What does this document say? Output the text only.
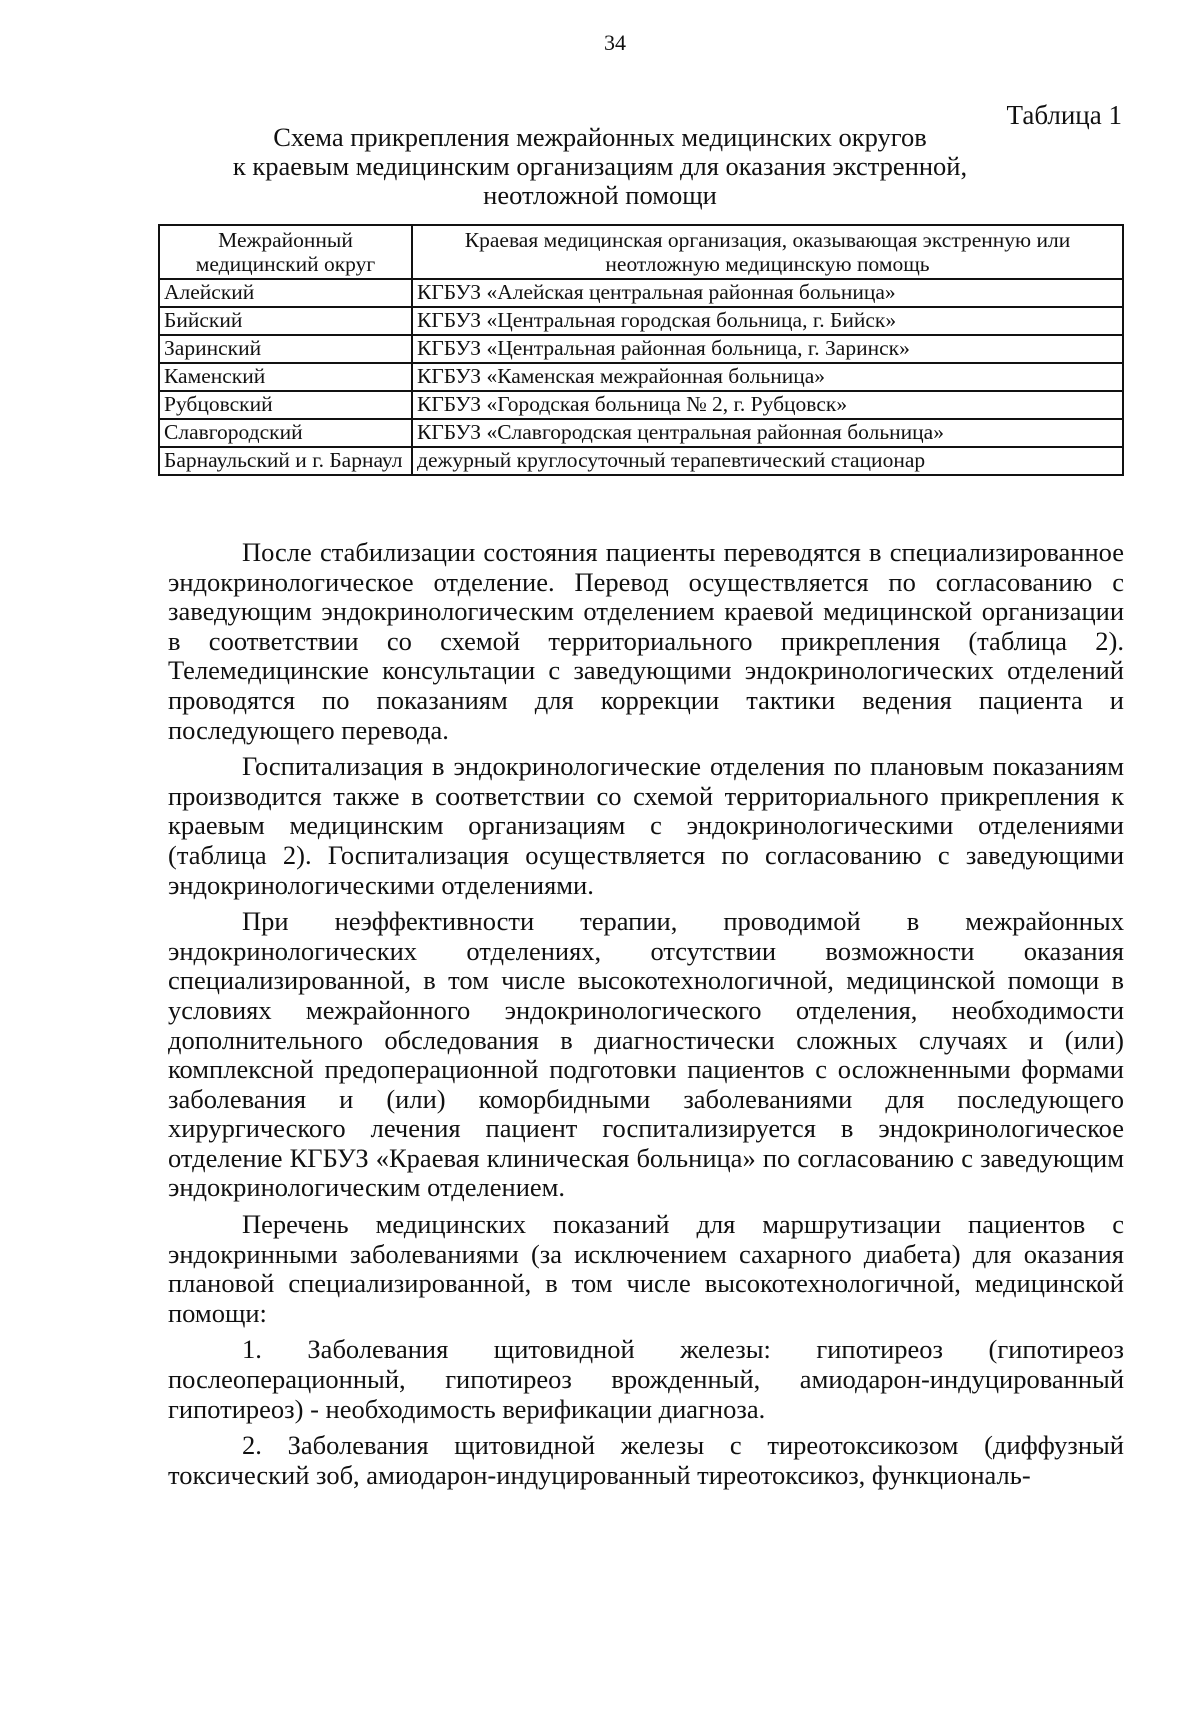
34
Таблица 1
Схема прикрепления межрайонных медицинских округов
к краевым медицинским организациям для оказания экстренной,
неотложной помощи
Межрайонный медицинский округ	Краевая медицинская организация, оказывающая экстренную или неотложную медицинскую помощь
Алейский	КГБУЗ «Алейская центральная районная больница»
Бийский	КГБУЗ «Центральная городская больница, г. Бийск»
Заринский	КГБУЗ «Центральная районная больница, г. Заринск»
Каменский	КГБУЗ «Каменская межрайонная больница»
Рубцовский	КГБУЗ «Городская больница № 2, г. Рубцовск»
Славгородский	КГБУЗ «Славгородская центральная районная больница»
Барнаульский и г. Барнаул	дежурный круглосуточный терапевтический стационар

После стабилизации состояния пациенты переводятся в специализированное эндокринологическое отделение. Перевод осуществляется по согласованию с заведующим эндокринологическим отделением краевой медицинской организации в соответствии со схемой территориального прикрепления (таблица 2). Телемедицинские консультации с заведующими эндокринологических отделений проводятся по показаниям для коррекции тактики ведения пациента и последующего перевода.

Госпитализация в эндокринологические отделения по плановым показаниям производится также в соответствии со схемой территориального прикрепления к краевым медицинским организациям с эндокринологическими отделениями (таблица 2). Госпитализация осуществляется по согласованию с заведующими эндокринологическими отделениями.

При неэффективности терапии, проводимой в межрайонных эндокринологических отделениях, отсутствии возможности оказания специализированной, в том числе высокотехнологичной, медицинской помощи в условиях межрайонного эндокринологического отделения, необходимости дополнительного обследования в диагностически сложных случаях и (или) комплексной предоперационной подготовки пациентов с осложненными формами заболевания и (или) коморбидными заболеваниями для последующего хирургического лечения пациент госпитализируется в эндокринологическое отделение КГБУЗ «Краевая клиническая больница» по согласованию с заведующим эндокринологическим отделением.

Перечень медицинских показаний для маршрутизации пациентов с эндокринными заболеваниями (за исключением сахарного диабета) для оказания плановой специализированной, в том числе высокотехнологичной, медицинской помощи:

1. Заболевания щитовидной железы: гипотиреоз (гипотиреоз послеоперационный, гипотиреоз врожденный, амиодарон-индуцированный гипотиреоз) - необходимость верификации диагноза.

2. Заболевания щитовидной железы с тиреотоксикозом (диффузный токсический зоб, амиодарон-индуцированный тиреотоксикоз, функциональ-
